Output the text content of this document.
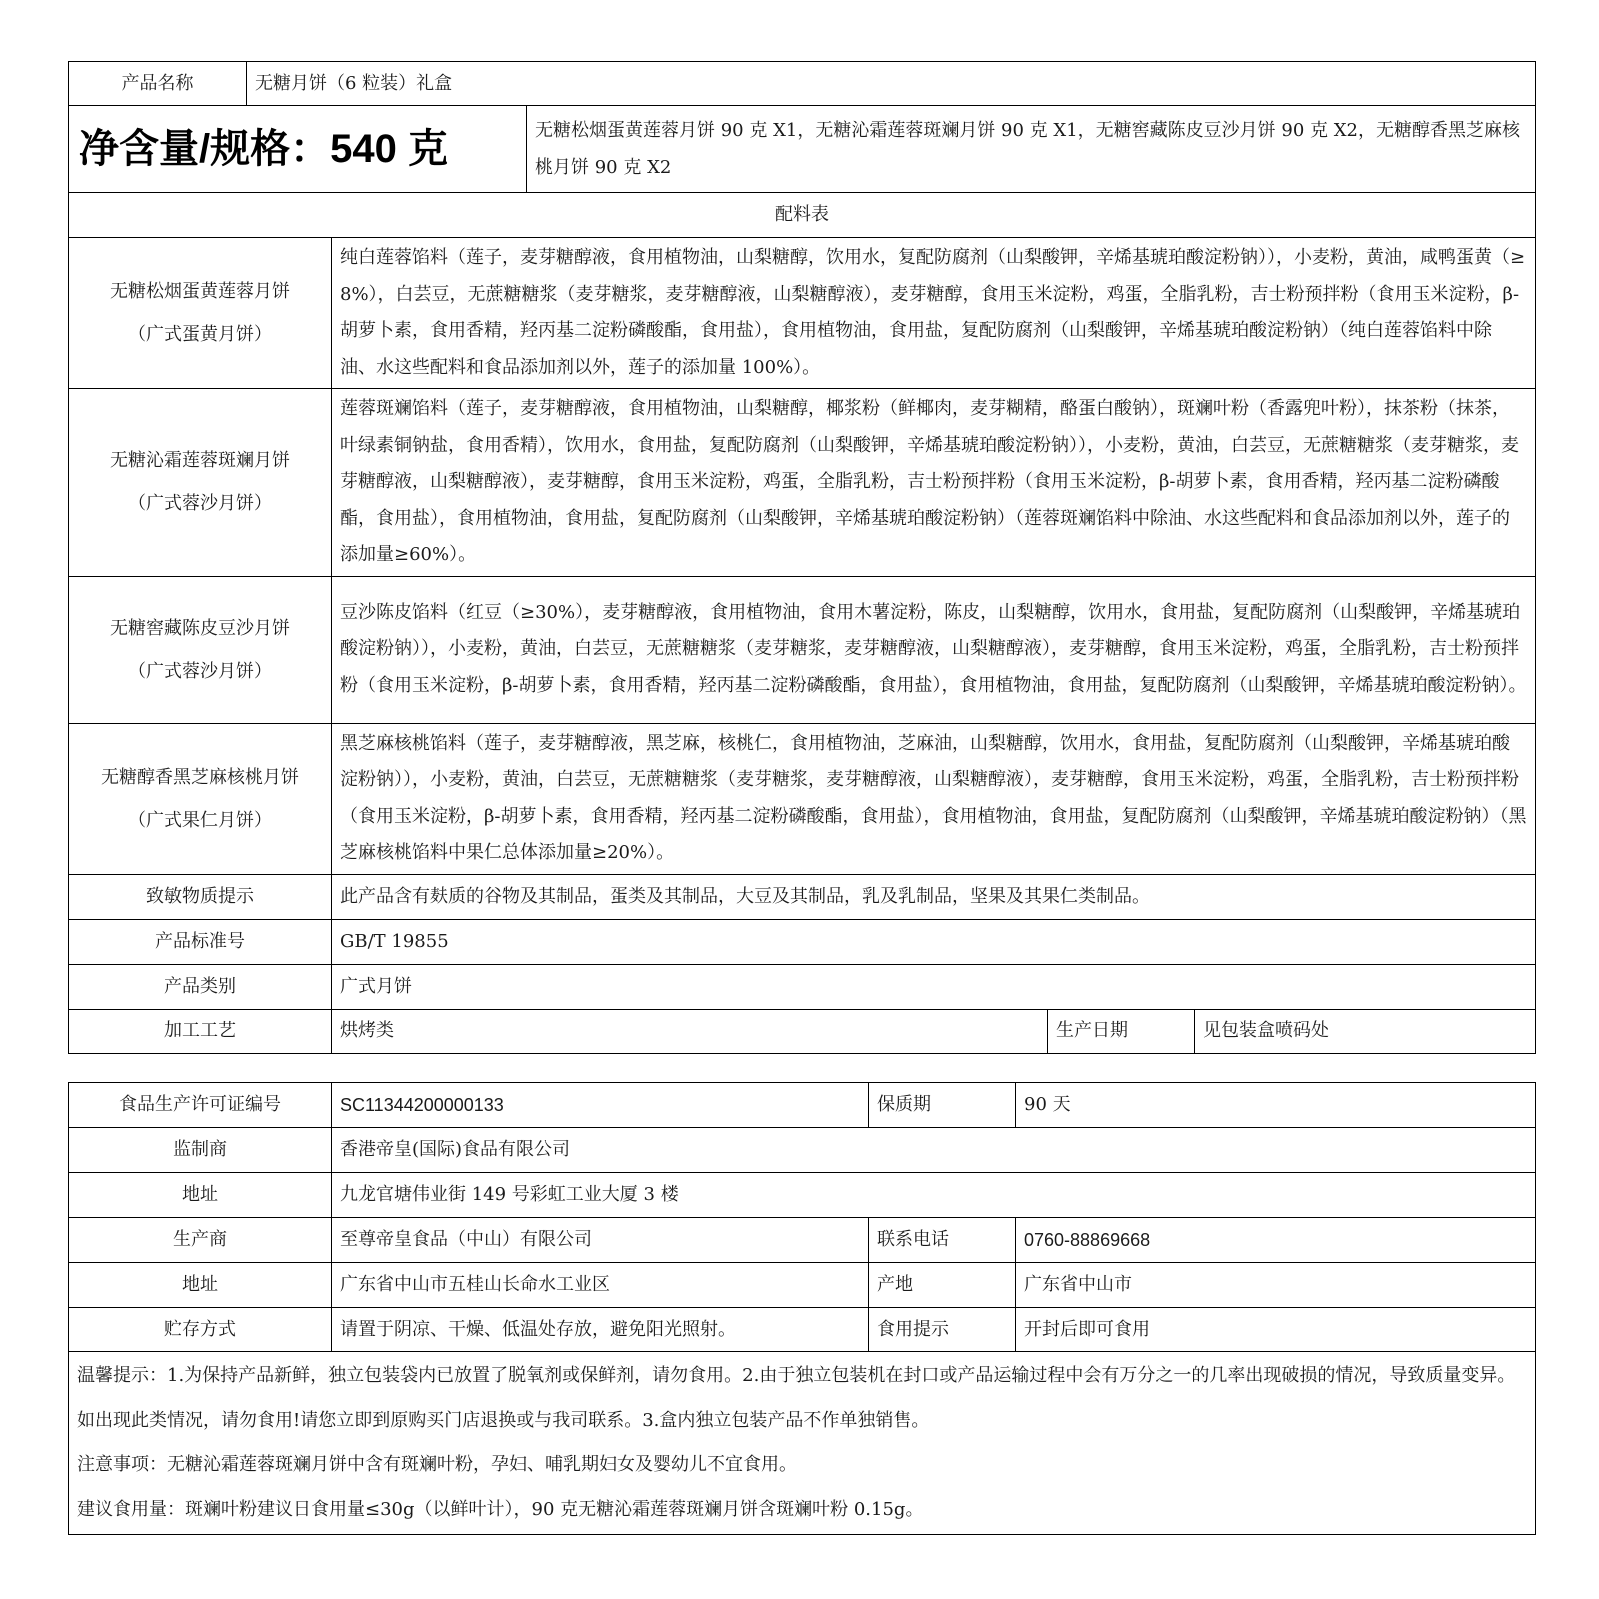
产品名称	无糖月饼（6 粒装）礼盒				
净含量/规格：540 克			无糖松烟蛋黄莲蓉月饼 90 克 X1，无糖沁霜莲蓉斑斓月饼 90 克 X1，无糖窖藏陈皮豆沙月饼 90 克 X2，无糖醇香黑芝麻核桃月饼 90 克 X2		
配料表					

无糖松烟蛋黄莲蓉月饼
（广式蛋黄月饼）		纯白莲蓉馅料（莲子，麦芽糖醇液，食用植物油，山梨糖醇，饮用水，复配防腐剂（山梨酸钾，辛烯基琥珀酸淀粉钠）），小麦粉，黄油，咸鸭蛋黄（≥8%），白芸豆，无蔗糖糖浆（麦芽糖浆，麦芽糖醇液，山梨糖醇液），麦芽糖醇，食用玉米淀粉，鸡蛋，全脂乳粉，吉士粉预拌粉（食用玉米淀粉，β-胡萝卜素，食用香精，羟丙基二淀粉磷酸酯，食用盐），食用植物油，食用盐，复配防腐剂（山梨酸钾，辛烯基琥珀酸淀粉钠）（纯白莲蓉馅料中除油、水这些配料和食品添加剂以外，莲子的添加量 100%）。			

无糖沁霜莲蓉斑斓月饼
（广式蓉沙月饼）		莲蓉斑斓馅料（莲子，麦芽糖醇液，食用植物油，山梨糖醇，椰浆粉（鲜椰肉，麦芽糊精，酪蛋白酸钠），斑斓叶粉（香露兜叶粉），抹茶粉（抹茶，叶绿素铜钠盐，食用香精），饮用水，食用盐，复配防腐剂（山梨酸钾，辛烯基琥珀酸淀粉钠）），小麦粉，黄油，白芸豆，无蔗糖糖浆（麦芽糖浆，麦芽糖醇液，山梨糖醇液），麦芽糖醇，食用玉米淀粉，鸡蛋，全脂乳粉，吉士粉预拌粉（食用玉米淀粉，β-胡萝卜素，食用香精，羟丙基二淀粉磷酸酯，食用盐），食用植物油，食用盐，复配防腐剂（山梨酸钾，辛烯基琥珀酸淀粉钠）（莲蓉斑斓馅料中除油、水这些配料和食品添加剂以外，莲子的添加量≥60%）。			

无糖窖藏陈皮豆沙月饼
（广式蓉沙月饼）		豆沙陈皮馅料（红豆（≥30%），麦芽糖醇液，食用植物油，食用木薯淀粉，陈皮，山梨糖醇，饮用水，食用盐，复配防腐剂（山梨酸钾，辛烯基琥珀酸淀粉钠）），小麦粉，黄油，白芸豆，无蔗糖糖浆（麦芽糖浆，麦芽糖醇液，山梨糖醇液），麦芽糖醇，食用玉米淀粉，鸡蛋，全脂乳粉，吉士粉预拌粉（食用玉米淀粉，β-胡萝卜素，食用香精，羟丙基二淀粉磷酸酯，食用盐），食用植物油，食用盐，复配防腐剂（山梨酸钾，辛烯基琥珀酸淀粉钠）。			

无糖醇香黑芝麻核桃月饼
（广式果仁月饼）		黑芝麻核桃馅料（莲子，麦芽糖醇液，黑芝麻，核桃仁，食用植物油，芝麻油，山梨糖醇，饮用水，食用盐，复配防腐剂（山梨酸钾，辛烯基琥珀酸淀粉钠）），小麦粉，黄油，白芸豆，无蔗糖糖浆（麦芽糖浆，麦芽糖醇液，山梨糖醇液），麦芽糖醇，食用玉米淀粉，鸡蛋，全脂乳粉，吉士粉预拌粉（食用玉米淀粉，β-胡萝卜素，食用香精，羟丙基二淀粉磷酸酯，食用盐），食用植物油，食用盐，复配防腐剂（山梨酸钾，辛烯基琥珀酸淀粉钠）（黑芝麻核桃馅料中果仁总体添加量≥20%）。			
致敏物质提示		此产品含有麸质的谷物及其制品，蛋类及其制品，大豆及其制品，乳及乳制品，坚果及其果仁类制品。			
产品标准号		GB/T 19855			
产品类别		广式月饼			
加工工艺		烘烤类		生产日期	见包装盒喷码处
食品生产许可证编号	SC11344200000133	保质期	90 天
监制商	香港帝皇(国际)食品有限公司		
地址	九龙官塘伟业街 149 号彩虹工业大厦 3 楼		
生产商	至尊帝皇食品（中山）有限公司	联系电话	0760-88869668
地址	广东省中山市五桂山长命水工业区	产地	广东省中山市
贮存方式	请置于阴凉、干燥、低温处存放，避免阳光照射。	食用提示	开封后即可食用

温馨提示：1.为保持产品新鲜，独立包装袋内已放置了脱氧剂或保鲜剂，请勿食用。2.由于独立包装机在封口或产品运输过程中会有万分之一的几率出现破损的情况，导致质量变异。如出现此类情况，请勿食用!请您立即到原购买门店退换或与我司联系。3.盒内独立包装产品不作单独销售。
注意事项：无糖沁霜莲蓉斑斓月饼中含有斑斓叶粉，孕妇、哺乳期妇女及婴幼儿不宜食用。
建议食用量：斑斓叶粉建议日食用量≤30g（以鲜叶计），90 克无糖沁霜莲蓉斑斓月饼含斑斓叶粉 0.15g。			
